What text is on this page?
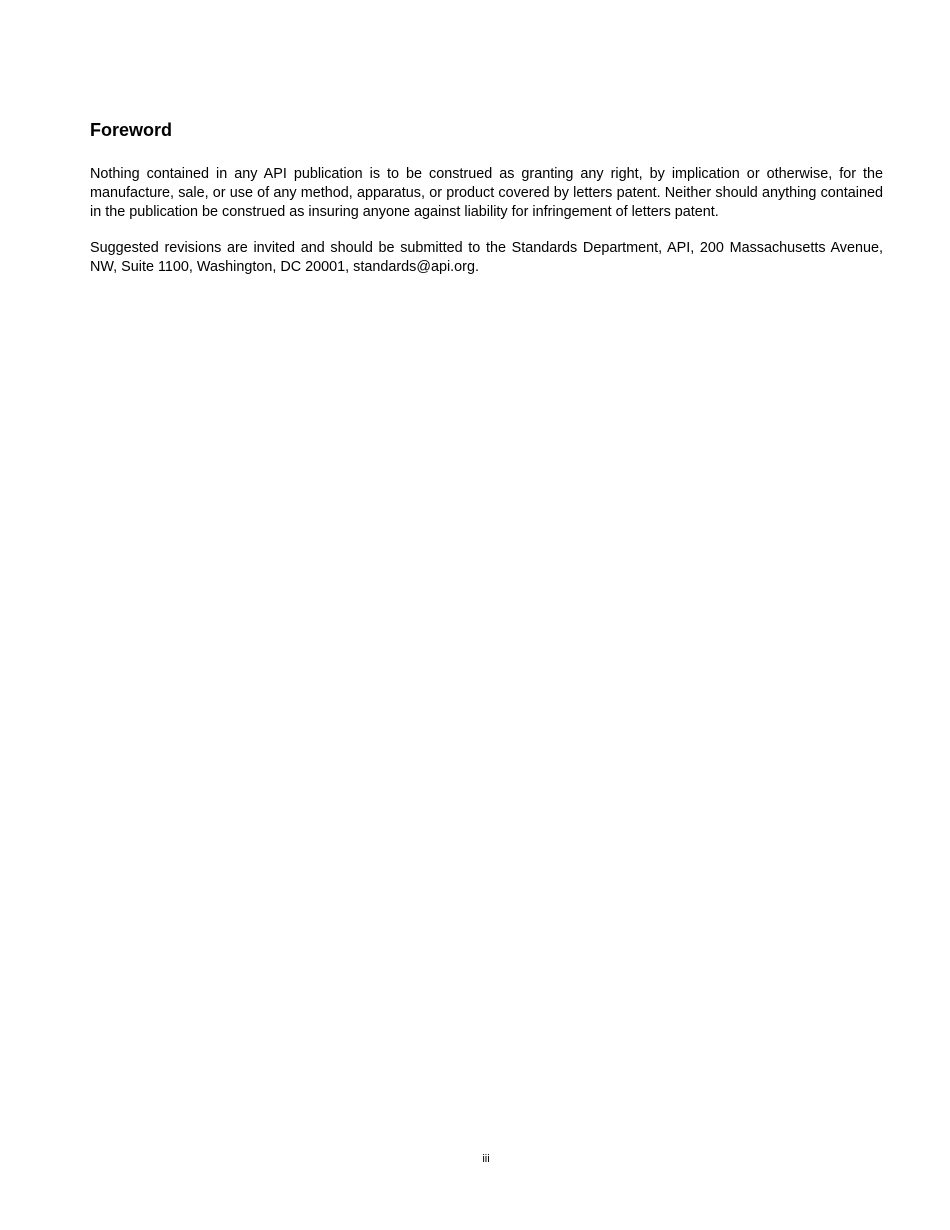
Foreword

Nothing contained in any API publication is to be construed as granting any right, by implication or otherwise, for the manufacture, sale, or use of any method, apparatus, or product covered by letters patent. Neither should anything contained in the publication be construed as insuring anyone against liability for infringement of letters patent.

Suggested revisions are invited and should be submitted to the Standards Department, API, 200 Massachusetts Avenue, NW, Suite 1100, Washington, DC 20001, standards@api.org.

iii
